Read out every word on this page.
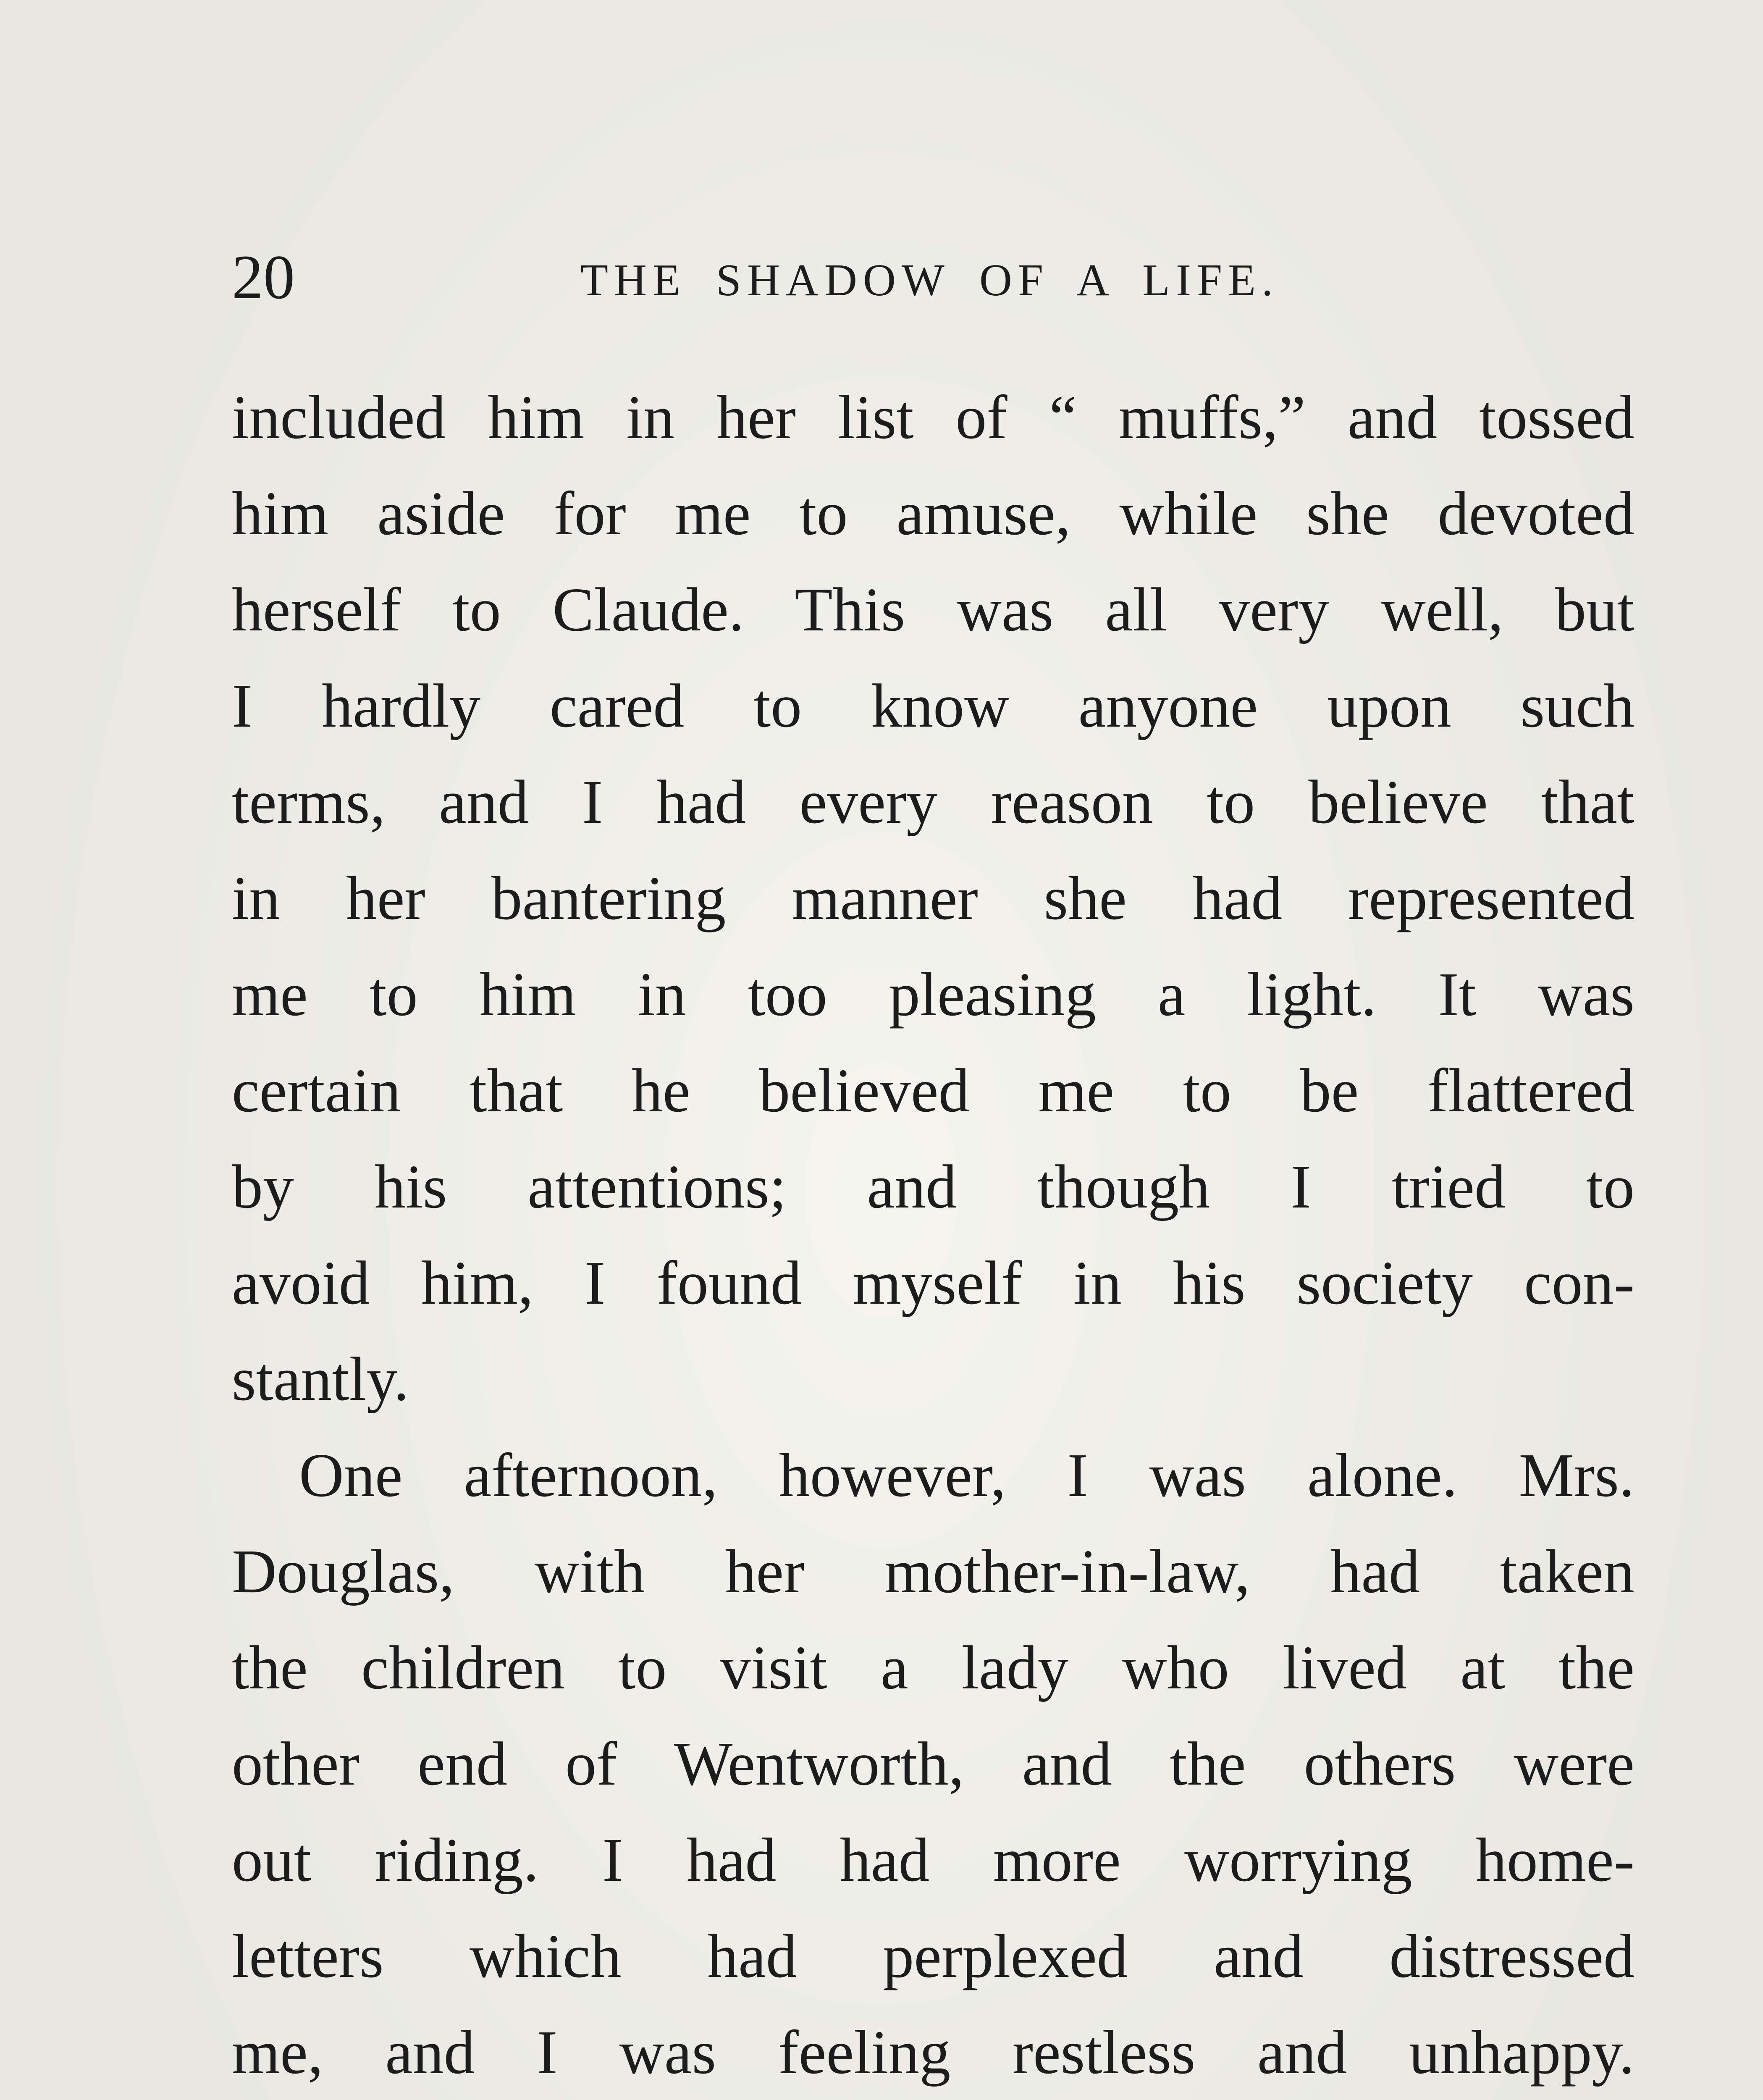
20	THE SHADOW OF A LIFE.
included him in her list of “ muffs,” and tossed
him aside for me to amuse, while she devoted
herself to Claude. This was all very well, but
I hardly cared to know anyone upon such
terms, and I had every reason to believe that
in her bantering manner she had represented
me to him in too pleasing a light. It was
certain that he believed me to be flattered
by his attentions; and though I tried to
avoid him, I found myself in his society con-
stantly.
One afternoon, however, I was alone. Mrs.
Douglas, with her mother-in-law, had taken
the children to visit a lady who lived at the
other end of Wentworth, and the others were
out riding. I had had more worrying home-
letters which had perplexed and distressed
me, and I was feeling restless and unhappy.
